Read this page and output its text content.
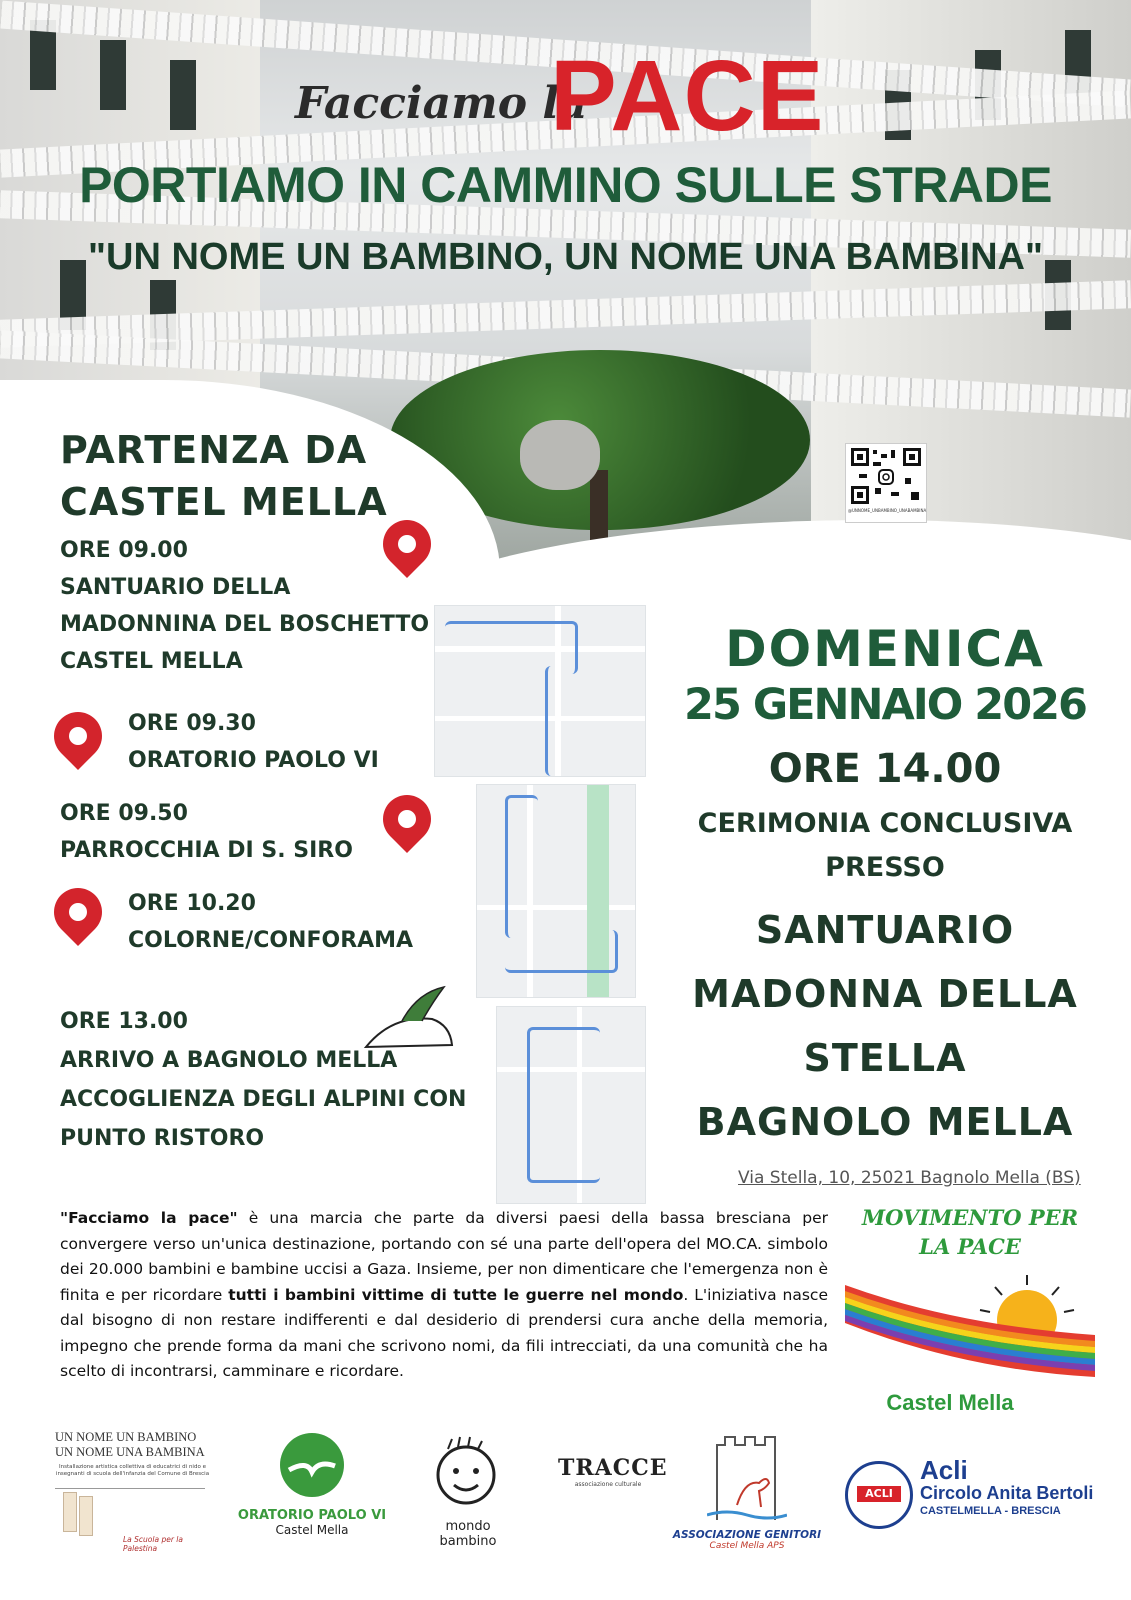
@UNNOME_UNBAMBINO_UNABAMBINA
Facciamo la
PACE
PORTIAMO IN CAMMINO SULLE STRADE
"UN NOME UN BAMBINO, UN NOME UNA BAMBINA"
PARTENZA DA
CASTEL MELLA
ORE 09.00
SANTUARIO DELLA
MADONNINA DEL BOSCHETTO
CASTEL MELLA
ORE 09.30
ORATORIO PAOLO VI
ORE 09.50
PARROCCHIA DI S. SIRO
ORE 10.20
COLORNE/CONFORAMA
ORE 13.00
ARRIVO A BAGNOLO MELLA
ACCOGLIENZA DEGLI ALPINI CON
PUNTO RISTORO
DOMENICA
25 GENNAIO 2026
ORE 14.00
CERIMONIA CONCLUSIVA
PRESSO
SANTUARIO
MADONNA DELLA
STELLA
BAGNOLO MELLA
Via Stella, 10, 25021 Bagnolo Mella (BS)
"Facciamo la pace" è una marcia che parte da diversi paesi della bassa bresciana per convergere verso un'unica destinazione, portando con sé una parte dell'opera del MO.CA. simbolo dei 20.000 bambini e bambine uccisi a Gaza. Insieme, per non dimenticare che l'emergenza non è finita e per ricordare tutti i bambini vittime di tutte le guerre nel mondo. L'iniziativa nasce dal bisogno di non restare indifferenti e dal desiderio di prendersi cura anche della memoria, impegno che prende forma da mani che scrivono nomi, da fili intrecciati, da una comunità che ha scelto di incontrarsi, camminare e ricordare.
MOVIMENTO PER
LA PACE
Castel Mella
UN NOME UN BAMBINO
UN NOME UNA BAMBINA
Installazione artistica collettiva di educatrici di nido e insegnanti di scuola dell'infanzia del Comune di Brescia
La Scuola per la Palestina
ORATORIO PAOLO VI
Castel Mella	mondo bambino
TRACCE
associazione culturale
ASSOCIAZIONE GENITORI
Castel Mella APS
ACLI
Acli
Circolo Anita Bertoli
CASTELMELLA - BRESCIA
